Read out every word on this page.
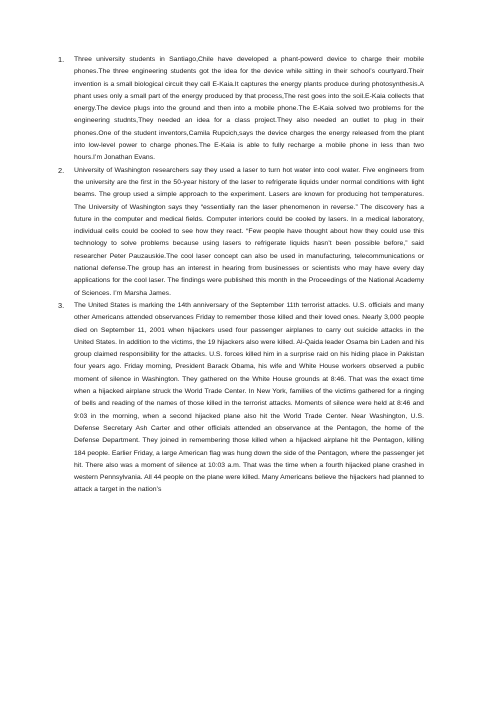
1. Three university students in Santiago,Chile have developed a phant-powerd device to charge their mobile phones.The three engineering students got the idea for the device while sitting in their school’s courtyard.Their invention is a small biological circuit they call E-Kaia.It captures the energy plants produce during photosynthesis.A phant uses only a small part of the energy produced by that process,The rest goes into the soil.E-Kaia collects that energy.The device plugs into the ground and then into a mobile phone.The E-Kaia solved two problems for the engineering studnts,They needed an idea for a class project.They also needed an outlet to plug in their phones.One of the student inventors,Camila Rupcich,says the device charges the energy released from the plant into low-level power to charge phones.The E-Kaia is able to fully recharge a mobile phone in less than two hours.I’m Jonathan Evans.

2. University of Washington researchers say they used a laser to turn hot water into cool water. Five engineers from the university are the first in the 50-year history of the laser to refrigerate liquids under normal conditions with light beams. The group used a simple approach to the experiment. Lasers are known for producing hot temperatures. The University of Washington says they “essentially ran the laser phenomenon in reverse.” The discovery has a future in the computer and medical fields. Computer interiors could be cooled by lasers. In a medical laboratory, individual cells could be cooled to see how they react. “Few people have thought about how they could use this technology to solve problems because using lasers to refrigerate liquids hasn’t been possible before,” said researcher Peter Pauzauskie.The cool laser concept can also be used in manufacturing, telecommunications or national defense.The group has an interest in hearing from businesses or scientists who may have every day applications for the cool laser. The findings were published this month in the Proceedings of the National Academy of Sciences. I’m Marsha James.

3. The United States is marking the 14th anniversary of the September 11th terrorist attacks. U.S. officials and many other Americans attended observances Friday to remember those killed and their loved ones. Nearly 3,000 people died on September 11, 2001 when hijackers used four passenger airplanes to carry out suicide attacks in the United States. In addition to the victims, the 19 hijackers also were killed. Al-Qaida leader Osama bin Laden and his group claimed responsibility for the attacks. U.S. forces killed him in a surprise raid on his hiding place in Pakistan four years ago. Friday morning, President Barack Obama, his wife and White House workers observed a public moment of silence in Washington. They gathered on the White House grounds at 8:46. That was the exact time when a hijacked airplane struck the World Trade Center. In New York, families of the victims gathered for a ringing of bells and reading of the names of those killed in the terrorist attacks. Moments of silence were held at 8:46 and 9:03 in the morning, when a second hijacked plane also hit the World Trade Center. Near Washington, U.S. Defense Secretary Ash Carter and other officials attended an observance at the Pentagon, the home of the Defense Department. They joined in remembering those killed when a hijacked airplane hit the Pentagon, killing 184 people. Earlier Friday, a large American flag was hung down the side of the Pentagon, where the passenger jet hit. There also was a moment of silence at 10:03 a.m. That was the time when a fourth hijacked plane crashed in western Pennsylvania. All 44 people on the plane were killed. Many Americans believe the hijackers had planned to attack a target in the nation’s
